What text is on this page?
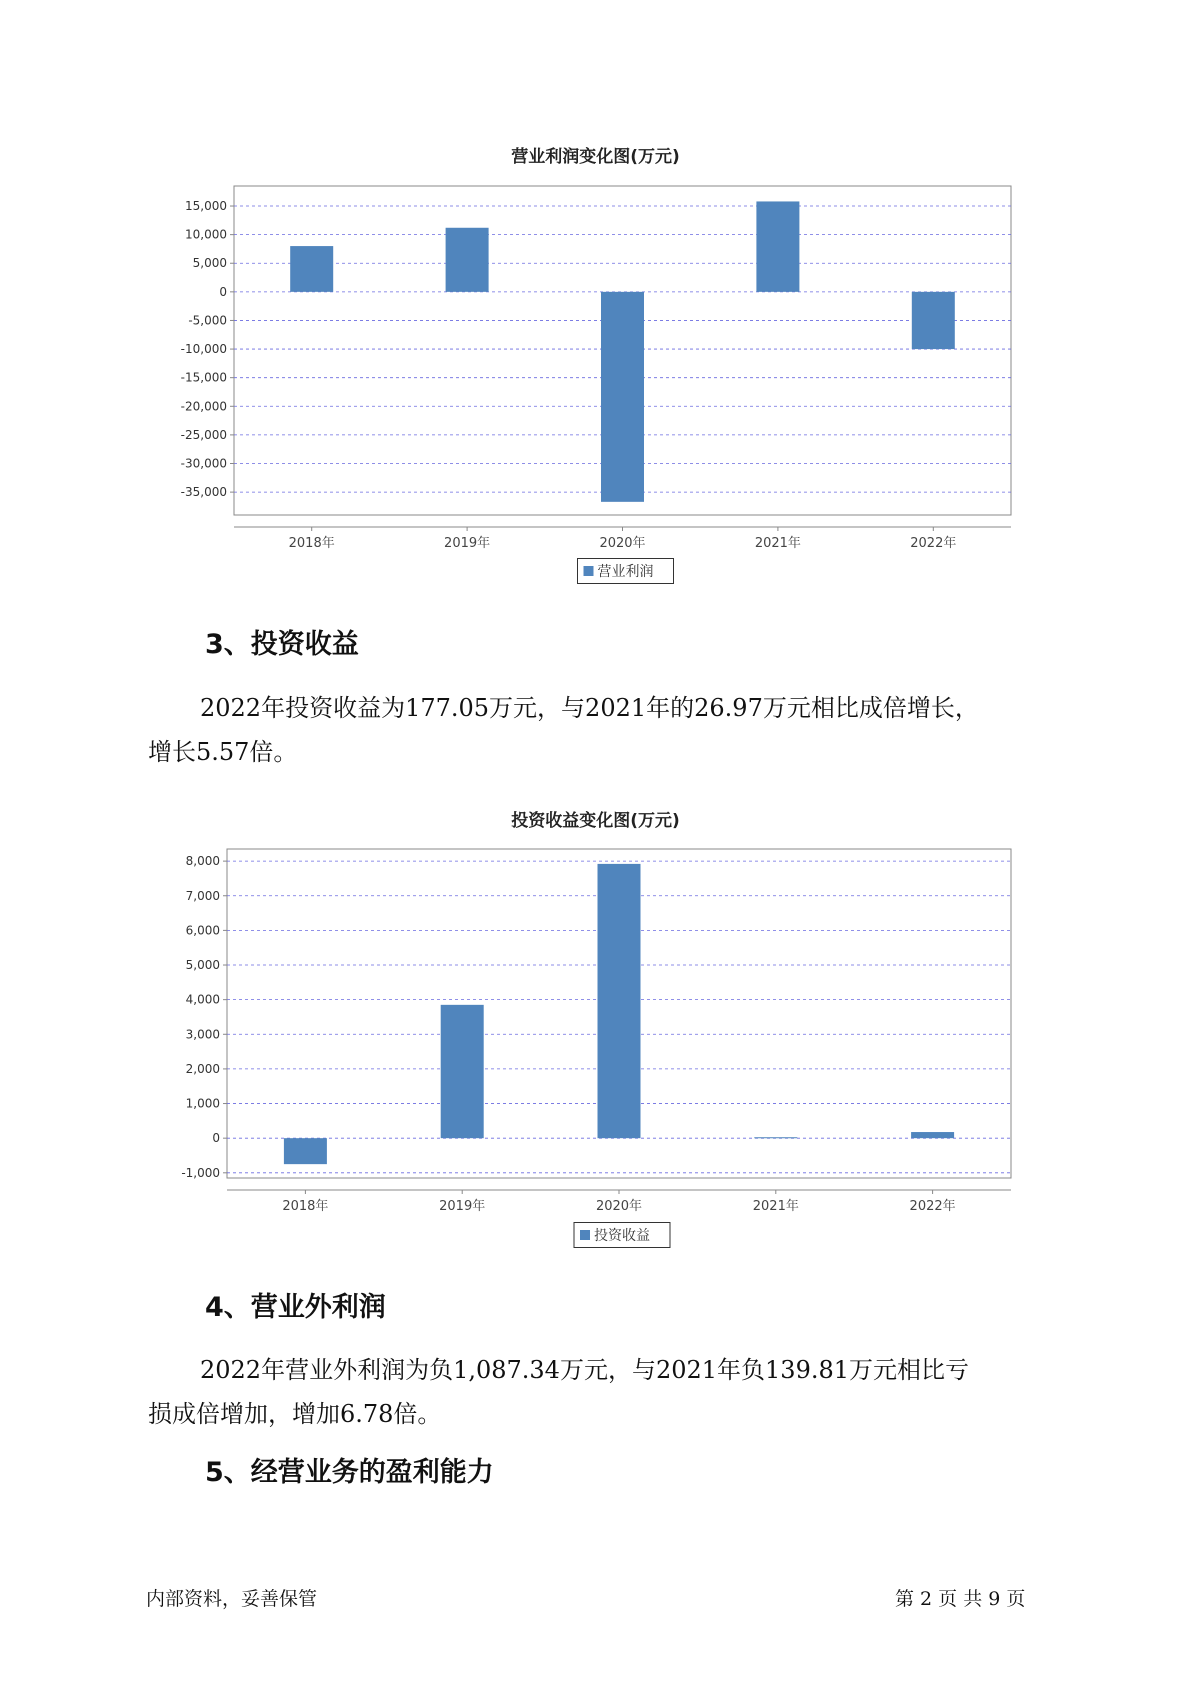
营业利润变化图(万元)
15,000
10,000
5,000
0
-5,000
-10,000
-15,000
-20,000
-25,000
-30,000
-35,000
2018年	2019年	2020年	2021年	2022年
营业利润
3、投资收益
2022年投资收益为177.05万元，与2021年的26.97万元相比成倍增长，
增长5.57倍。
投资收益变化图(万元)
8,000
7,000
6,000
5,000
4,000
3,000
2,000
1,000
0
-1,000
2018年	2019年	2020年	2021年	2022年
投资收益
4、营业外利润
2022年营业外利润为负1,087.34万元，与2021年负139.81万元相比亏
损成倍增加，增加6.78倍。
5、经营业务的盈利能力
内部资料，妥善保管	第 2 页 共 9 页
